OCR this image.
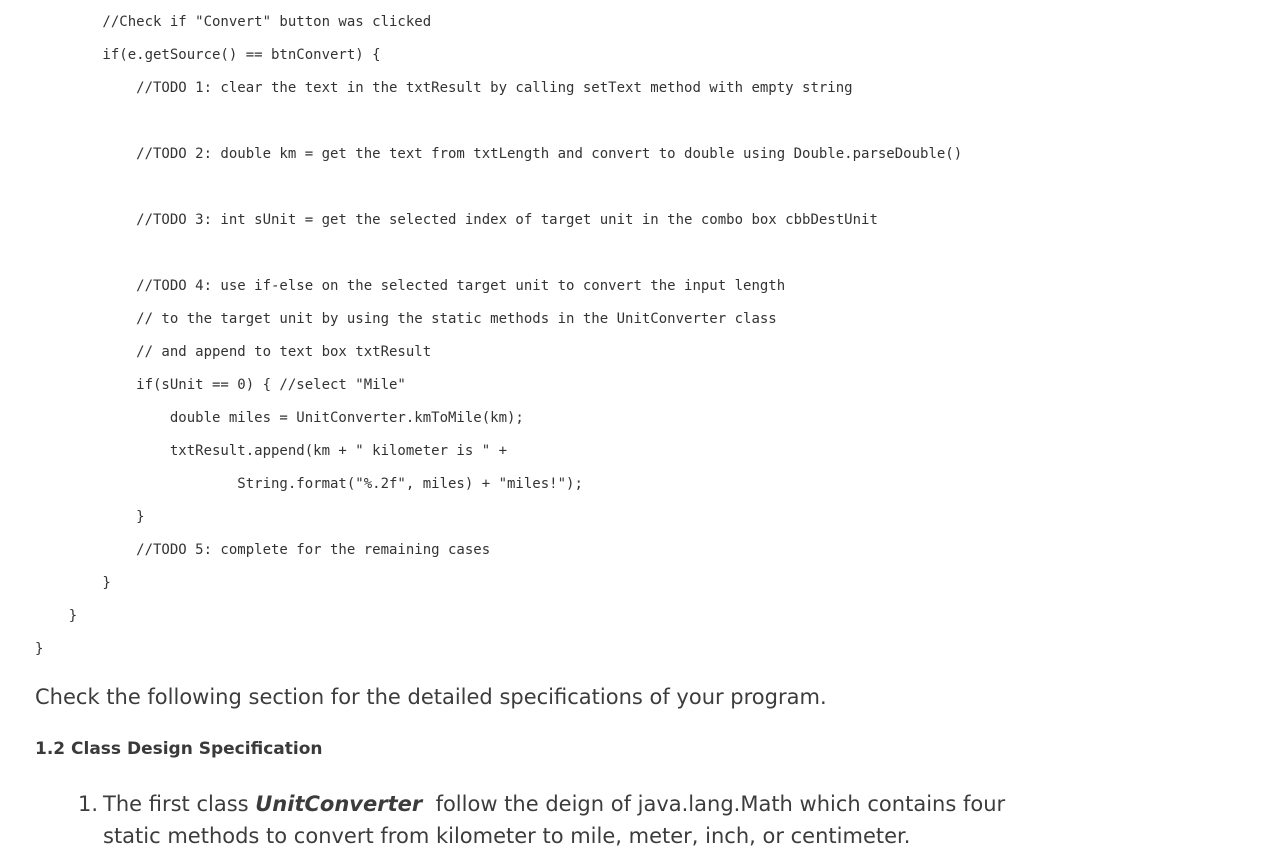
//Check if "Convert" button was clicked
if(e.getSource() == btnConvert) {
//TODO 1: clear the text in the txtResult by calling setText method with empty string
//TODO 2: double km = get the text from txtLength and convert to double using Double.parseDouble()
//TODO 3: int sUnit = get the selected index of target unit in the combo box cbbDestUnit
//TODO 4: use if-else on the selected target unit to convert the input length
// to the target unit by using the static methods in the UnitConverter class
// and append to text box txtResult
if(sUnit == 0) { //select "Mile"
double miles = UnitConverter.kmToMile(km);
txtResult.append(km + " kilometer is " +
String.format("%.2f", miles) + "miles!");
}
//TODO 5: complete for the remaining cases
}
}
}
Check the following section for the detailed specifications of your program.
1.2 Class Design Specification
1. The first class UnitConverter  follow the deign of java.lang.Math which contains four static methods to convert from kilometer to mile, meter, inch, or centimeter.
